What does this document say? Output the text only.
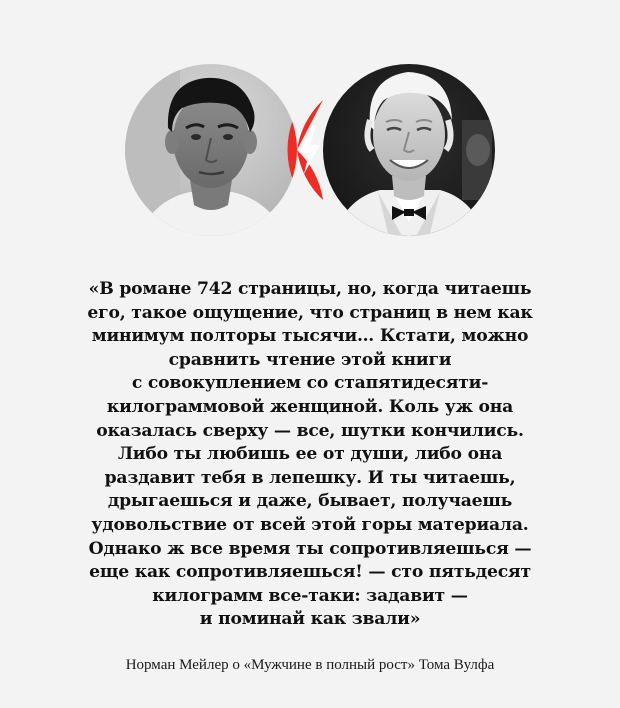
«В романе 742 страницы, но, когда читаешь
его, такое ощущение, что страниц в нем как
минимум полторы тысячи… Кстати, можно
сравнить чтение этой книги
с совокуплением со стапятидесяти-
килограммовой женщиной. Коль уж она
оказалась сверху — все, шутки кончились.
Либо ты любишь ее от души, либо она
раздавит тебя в лепешку. И ты читаешь,
дрыгаешься и даже, бывает, получаешь
удовольствие от всей этой горы материала.
Однако ж все время ты сопротивляешься —
еще как сопротивляешься! — сто пятьдесят
килограмм все-таки: задавит —
и поминай как звали»

Норман Мейлер о «Мужчине в полный рост» Тома Вулфа
